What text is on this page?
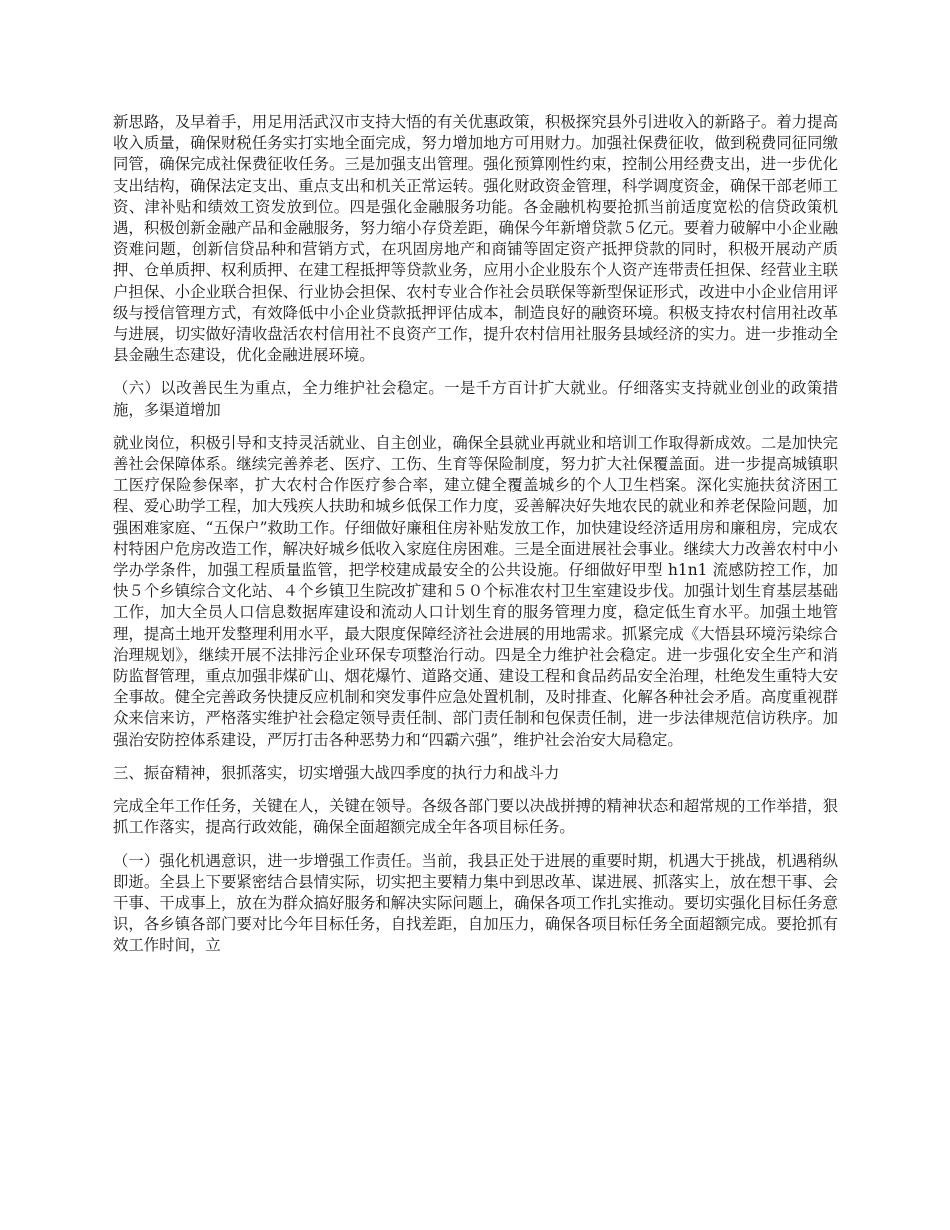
新思路，及早着手，用足用活武汉市支持大悟的有关优惠政策，积极探究县外引进收入的新路子。着力提高收入质量，确保财税任务实打实地全面完成，努力增加地方可用财力。加强社保费征收，做到税费同征同缴同管，确保完成社保费征收任务。三是加强支出管理。强化预算刚性约束，控制公用经费支出，进一步优化支出结构，确保法定支出、重点支出和机关正常运转。强化财政资金管理，科学调度资金，确保干部老师工资、津补贴和绩效工资发放到位。四是强化金融服务功能。各金融机构要抢抓当前适度宽松的信贷政策机遇，积极创新金融产品和金融服务，努力缩小存贷差距，确保今年新增贷款５亿元。要着力破解中小企业融资难问题，创新信贷品种和营销方式，在巩固房地产和商铺等固定资产抵押贷款的同时，积极开展动产质押、仓单质押、权利质押、在建工程抵押等贷款业务，应用小企业股东个人资产连带责任担保、经营业主联户担保、小企业联合担保、行业协会担保、农村专业合作社会员联保等新型保证形式，改进中小企业信用评级与授信管理方式，有效降低中小企业贷款抵押评估成本，制造良好的融资环境。积极支持农村信用社改革与进展，切实做好清收盘活农村信用社不良资产工作，提升农村信用社服务县域经济的实力。进一步推动全县金融生态建设，优化金融进展环境。

（六）以改善民生为重点，全力维护社会稳定。一是千方百计扩大就业。仔细落实支持就业创业的政策措施，多渠道增加

就业岗位，积极引导和支持灵活就业、自主创业，确保全县就业再就业和培训工作取得新成效。二是加快完善社会保障体系。继续完善养老、医疗、工伤、生育等保险制度，努力扩大社保覆盖面。进一步提高城镇职工医疗保险参保率，扩大农村合作医疗参合率，建立健全覆盖城乡的个人卫生档案。深化实施扶贫济困工程、爱心助学工程，加大残疾人扶助和城乡低保工作力度，妥善解决好失地农民的就业和养老保险问题，加强困难家庭、“五保户”救助工作。仔细做好廉租住房补贴发放工作，加快建设经济适用房和廉租房，完成农村特困户危房改造工作，解决好城乡低收入家庭住房困难。三是全面进展社会事业。继续大力改善农村中小学办学条件，加强工程质量监管，把学校建成最安全的公共设施。仔细做好甲型 h1n1 流感防控工作，加快５个乡镇综合文化站、４个乡镇卫生院改扩建和５０个标准农村卫生室建设步伐。加强计划生育基层基础工作，加大全员人口信息数据库建设和流动人口计划生育的服务管理力度，稳定低生育水平。加强土地管理，提高土地开发整理利用水平，最大限度保障经济社会进展的用地需求。抓紧完成《大悟县环境污染综合治理规划》，继续开展不法排污企业环保专项整治行动。四是全力维护社会稳定。进一步强化安全生产和消防监督管理，重点加强非煤矿山、烟花爆竹、道路交通、建设工程和食品药品安全治理，杜绝发生重特大安全事故。健全完善政务快捷反应机制和突发事件应急处置机制，及时排查、化解各种社会矛盾。高度重视群众来信来访，严格落实维护社会稳定领导责任制、部门责任制和包保责任制，进一步法律规范信访秩序。加强治安防控体系建设，严厉打击各种恶势力和“四霸六强”，维护社会治安大局稳定。

三、振奋精神，狠抓落实，切实增强大战四季度的执行力和战斗力

完成全年工作任务，关键在人，关键在领导。各级各部门要以决战拼搏的精神状态和超常规的工作举措，狠抓工作落实，提高行政效能，确保全面超额完成全年各项目标任务。

（一）强化机遇意识，进一步增强工作责任。当前，我县正处于进展的重要时期，机遇大于挑战，机遇稍纵即逝。全县上下要紧密结合县情实际，切实把主要精力集中到思改革、谋进展、抓落实上，放在想干事、会干事、干成事上，放在为群众搞好服务和解决实际问题上，确保各项工作扎实推动。要切实强化目标任务意识，各乡镇各部门要对比今年目标任务，自找差距，自加压力，确保各项目标任务全面超额完成。要抢抓有效工作时间，立
